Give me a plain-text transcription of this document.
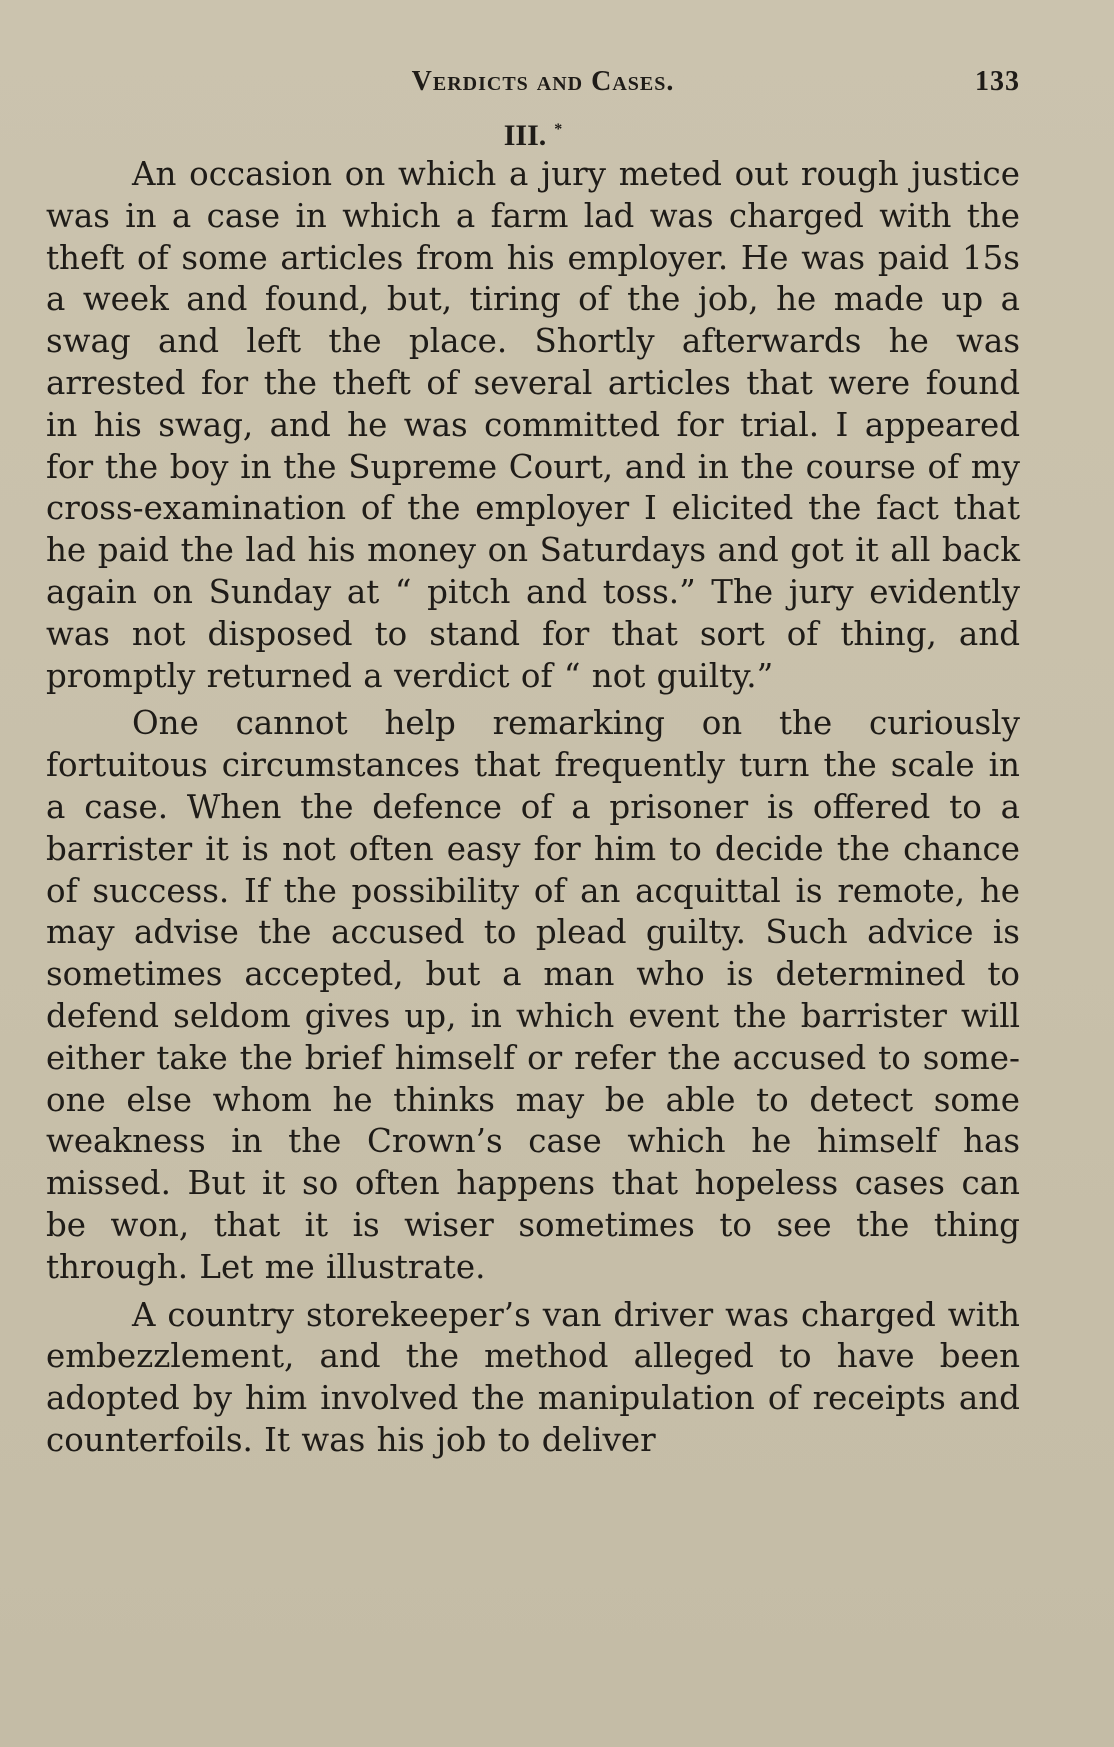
Verdicts and Cases.	133
III. *

An occasion on which a jury meted out rough justice was in a case in which a farm lad was charged with the theft of some articles from his employer. He was paid 15s a week and found, but, tiring of the job, he made up a swag and left the place. Shortly afterwards he was arrested for the theft of several articles that were found in his swag, and he was committed for trial. I appeared for the boy in the Supreme Court, and in the course of my cross-examination of the employer I elicited the fact that he paid the lad his money on Saturdays and got it all back again on Sunday at “ pitch and toss.” The jury evidently was not disposed to stand for that sort of thing, and promptly returned a verdict of “ not guilty.”

One cannot help remarking on the curiously fortuitous circumstances that frequently turn the scale in a case. When the defence of a prisoner is offered to a barrister it is not often easy for him to decide the chance of success. If the possibility of an acquittal is remote, he may advise the accused to plead guilty. Such advice is sometimes accepted, but a man who is determined to defend seldom gives up, in which event the barrister will either take the brief himself or refer the accused to some- one else whom he thinks may be able to detect some weakness in the Crown’s case which he himself has missed. But it so often happens that hopeless cases can be won, that it is wiser sometimes to see the thing through. Let me illustrate.

A country storekeeper’s van driver was charged with embezzlement, and the method alleged to have been adopted by him involved the manipulation of receipts and counterfoils. It was his job to deliver
